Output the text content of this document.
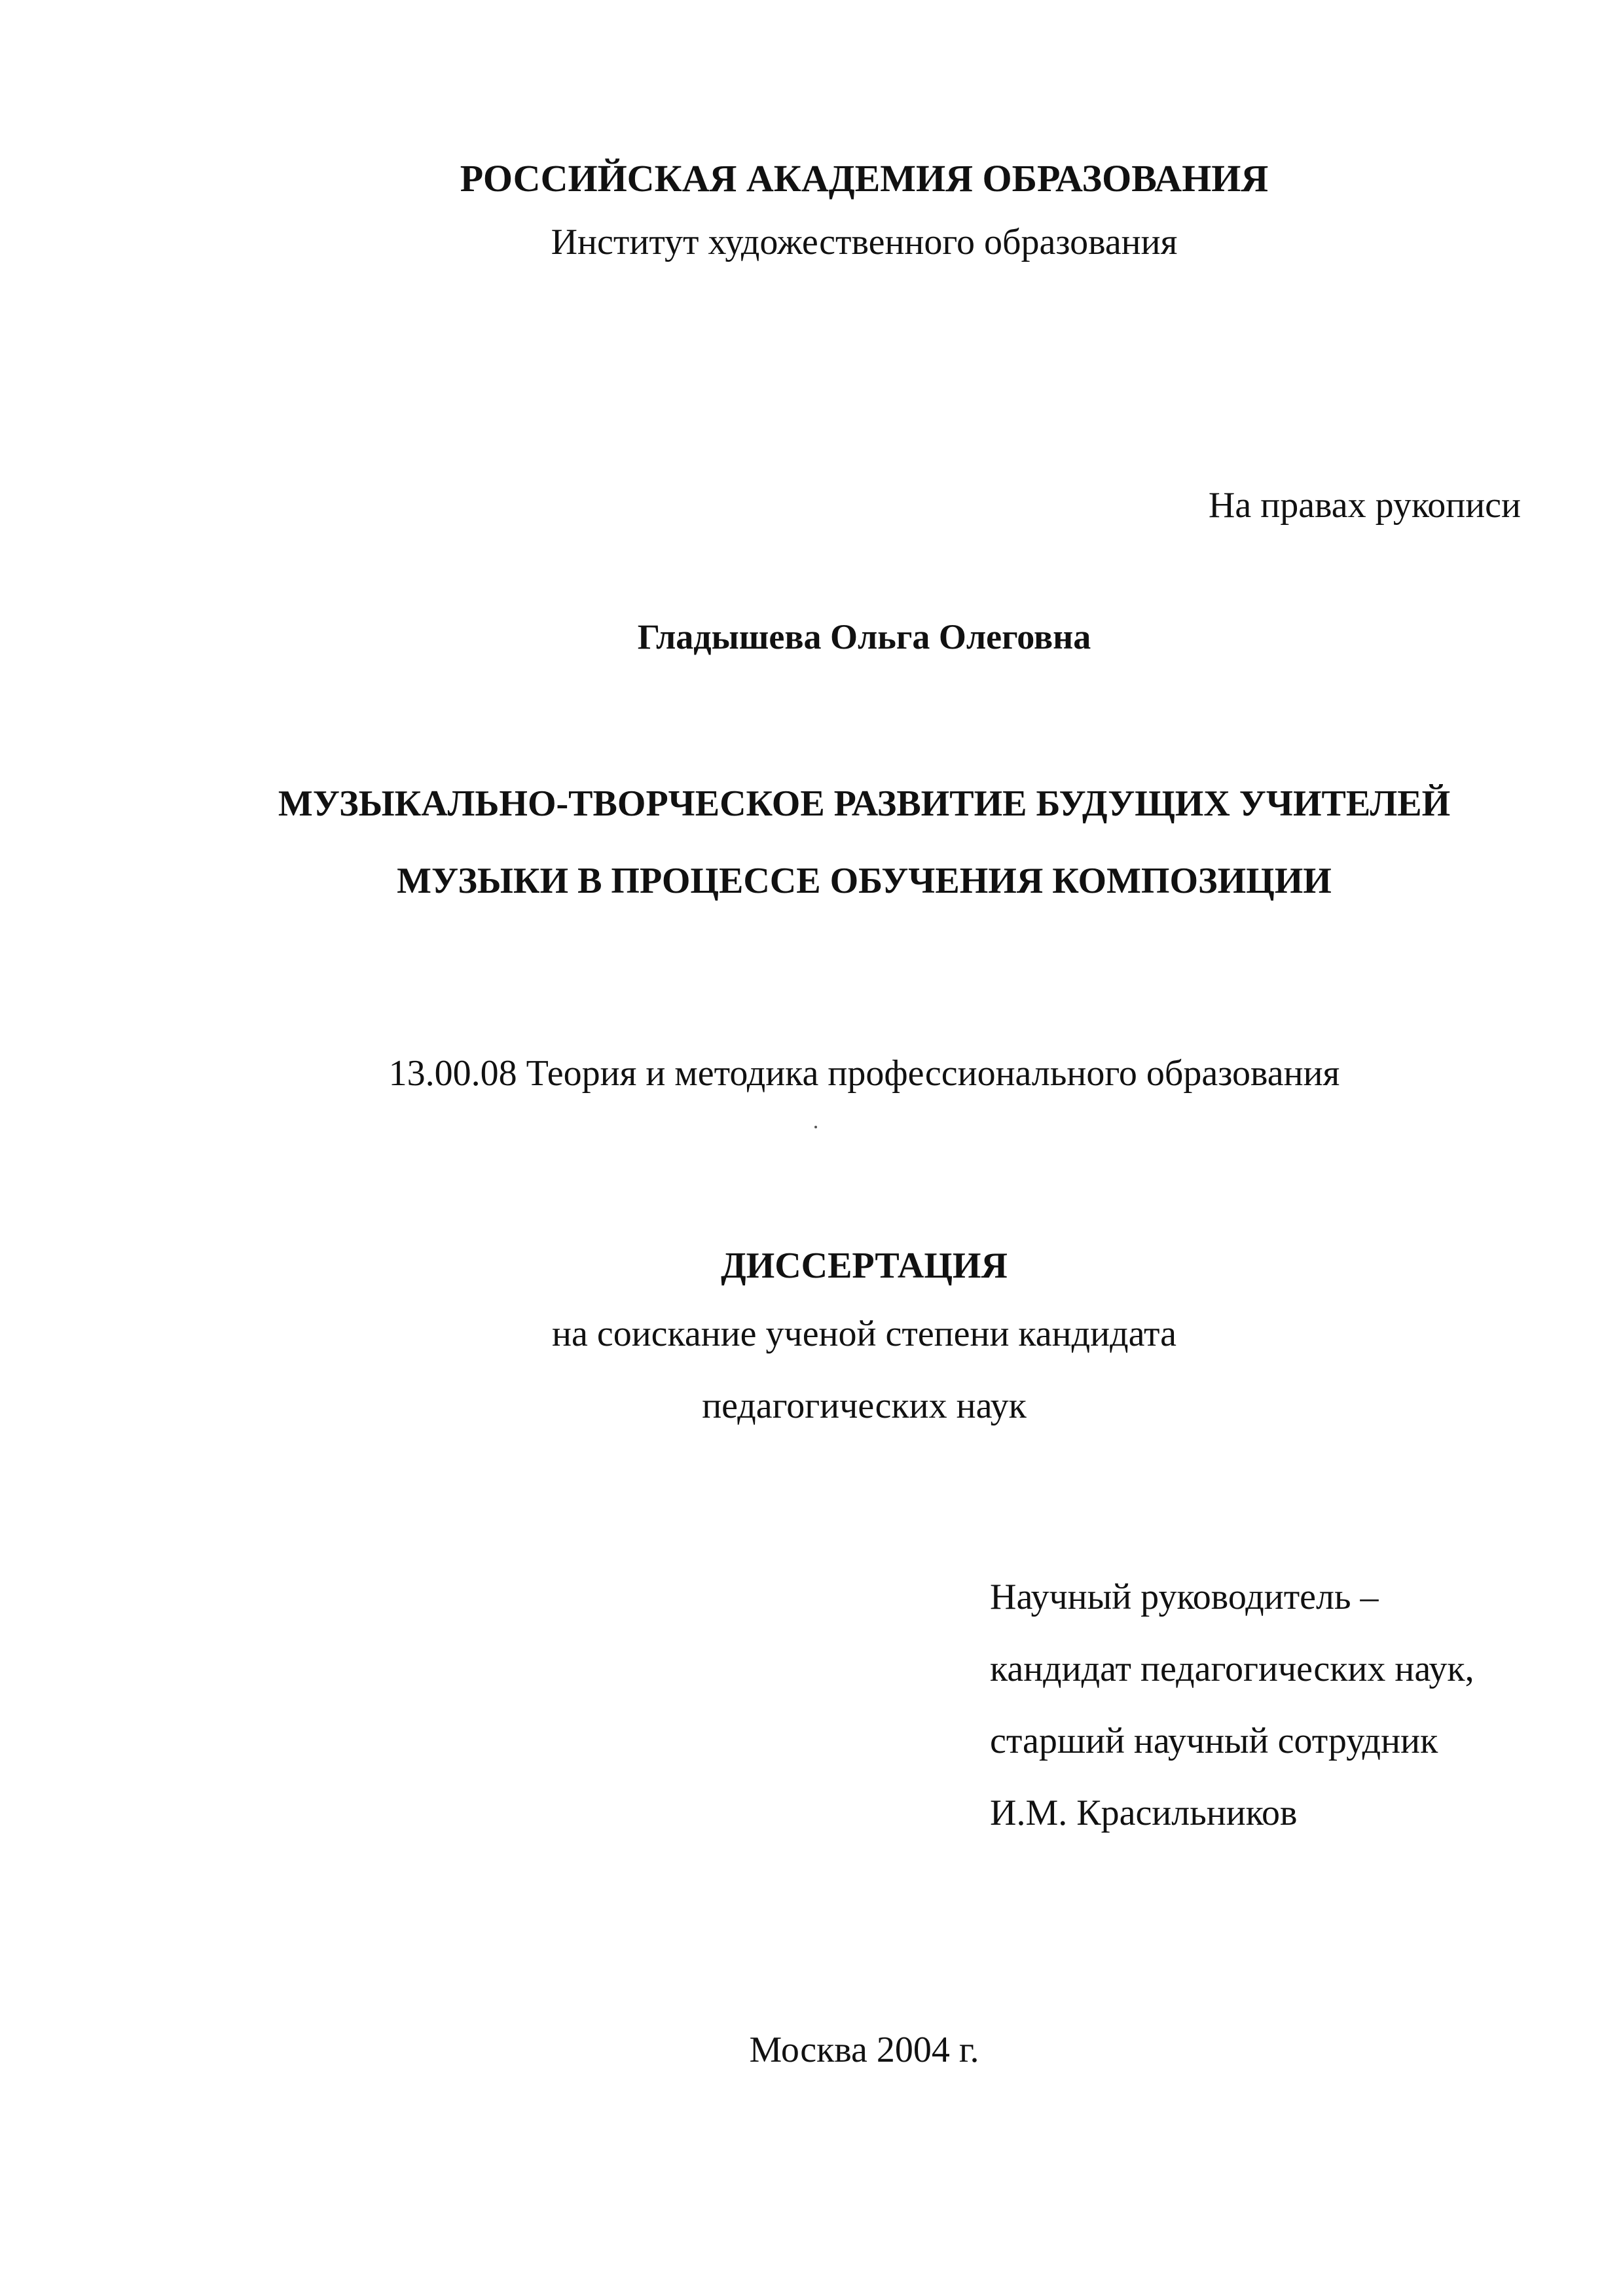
РОССИЙСКАЯ АКАДЕМИЯ ОБРАЗОВАНИЯ
Институт художественного образования
На правах рукописи
Гладышева Ольга Олеговна
МУЗЫКАЛЬНО-ТВОРЧЕСКОЕ РАЗВИТИЕ БУДУЩИХ УЧИТЕЛЕЙ
МУЗЫКИ В ПРОЦЕССЕ ОБУЧЕНИЯ КОМПОЗИЦИИ
13.00.08 Теория и методика профессионального образования
ДИССЕРТАЦИЯ
на соискание ученой степени кандидата
педагогических наук
Научный руководитель –
кандидат педагогических наук,
старший научный сотрудник
И.М. Красильников
Москва 2004 г.
